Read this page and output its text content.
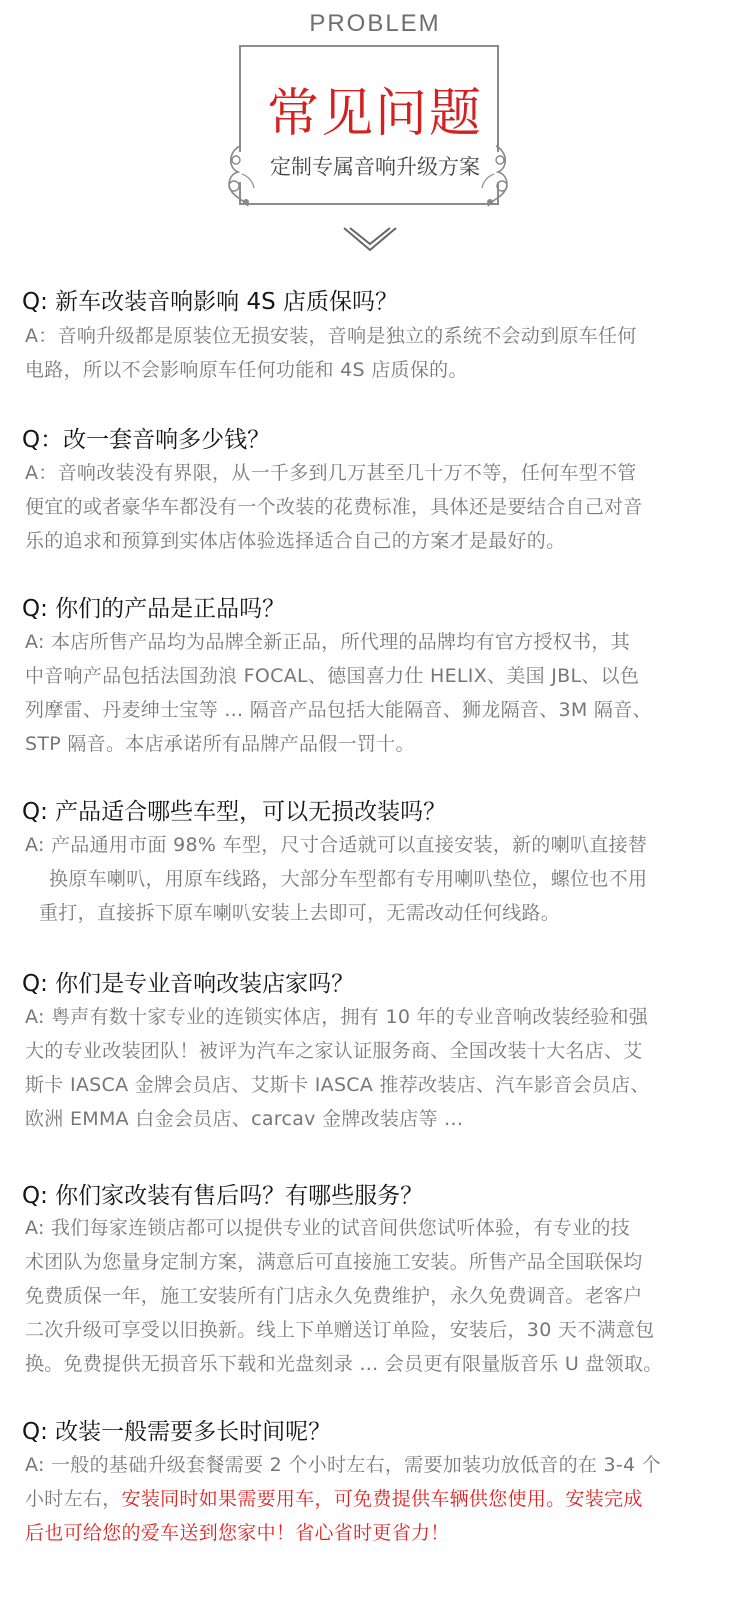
PROBLEM
常见问题
定制专属音响升级方案
Q: 新车改装音响影响 4S 店质保吗？
A：音响升级都是原装位无损安装，音响是独立的系统不会动到原车任何
电路，所以不会影响原车任何功能和 4S 店质保的。
Q：改一套音响多少钱？
A：音响改装没有界限，从一千多到几万甚至几十万不等，任何车型不管
便宜的或者豪华车都没有一个改装的花费标准，具体还是要结合自己对音
乐的追求和预算到实体店体验选择适合自己的方案才是最好的。
Q: 你们的产品是正品吗？
A: 本店所售产品均为品牌全新正品，所代理的品牌均有官方授权书，其
中音响产品包括法国劲浪 FOCAL、德国喜力仕 HELIX、美国 JBL、以色
列摩雷、丹麦绅士宝等 ... 隔音产品包括大能隔音、狮龙隔音、3M 隔音、
STP 隔音。本店承诺所有品牌产品假一罚十。
Q: 产品适合哪些车型，可以无损改装吗？
A: 产品通用市面 98% 车型，尺寸合适就可以直接安装，新的喇叭直接替
换原车喇叭，用原车线路，大部分车型都有专用喇叭垫位，螺位也不用
重打，直接拆下原车喇叭安装上去即可，无需改动任何线路。
Q: 你们是专业音响改装店家吗？
A: 粤声有数十家专业的连锁实体店，拥有 10 年的专业音响改装经验和强
大的专业改装团队！被评为汽车之家认证服务商、全国改装十大名店、艾
斯卡 IASCA 金牌会员店、艾斯卡 IASCA 推荐改装店、汽车影音会员店、
欧洲 EMMA 白金会员店、carcav 金牌改装店等 ...
Q: 你们家改装有售后吗？有哪些服务？
A: 我们每家连锁店都可以提供专业的试音间供您试听体验，有专业的技
术团队为您量身定制方案，满意后可直接施工安装。所售产品全国联保均
免费质保一年，施工安装所有门店永久免费维护，永久免费调音。老客户
二次升级可享受以旧换新。线上下单赠送订单险，安装后，30 天不满意包
换。免费提供无损音乐下载和光盘刻录 ... 会员更有限量版音乐 U 盘领取。
Q: 改装一般需要多长时间呢？
A: 一般的基础升级套餐需要 2 个小时左右，需要加装功放低音的在 3-4 个
小时左右，安装同时如果需要用车，可免费提供车辆供您使用。安装完成
后也可给您的爱车送到您家中！省心省时更省力！
